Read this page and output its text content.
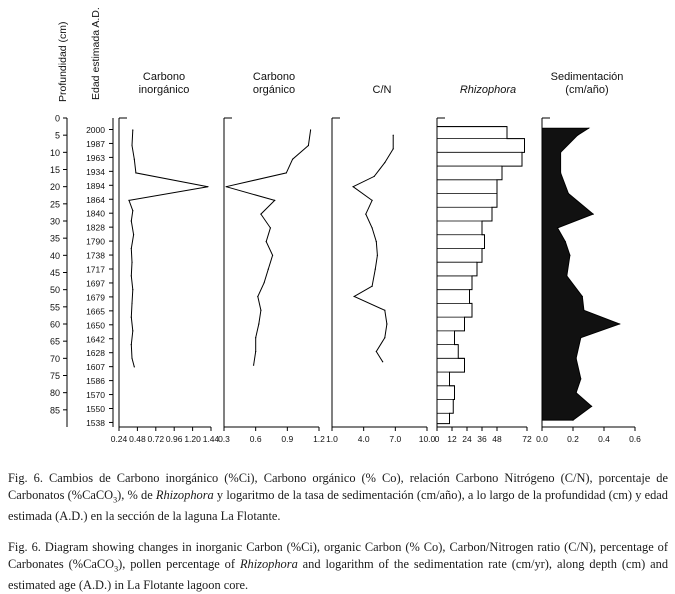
0
5
10
15
20
25
30
35
40
45
50
55
60
65
70
75
80
85
Profundidad (cm)
2000
1987
1963
1934
1894
1864
1840
1828
1790
1738
1717
1697
1679
1665
1650
1642
1628
1607
1586
1570
1550
1538
Edad estimada A.D.	Carbono
inorgánico
0.24 0.48 0.72 0.96 1.20 1.44
Carbono
orgánico
0.3 0.6 0.9 1.2
C/N
1.0 4.0 7.0 10.0
Rhizophora
0 12 24 36 48 72
Sedimentación
(cm/año)
0.0 0.2 0.4 0.6
Fig. 6. Cambios de Carbono inorgánico (%Ci), Carbono orgánico (% Co), relación Carbono Nitrógeno (C/N), porcentaje de Carbonatos (%CaCO$_3$), % de Rhizophora y logaritmo de la tasa de sedimentación (cm/año), a lo largo de la profundidad (cm) y edad estimada (A.D.) en la sección de la laguna La Flotante.
Fig. 6. Diagram showing changes in inorganic Carbon (%Ci), organic Carbon (% Co), Carbon/Nitrogen ratio (C/N), percentage of Carbonates (%CaCO$_3$), pollen percentage of Rhizophora and logarithm of the sedimentation rate (cm/yr), along depth (cm) and estimated age (A.D.) in La Flotante lagoon core.
